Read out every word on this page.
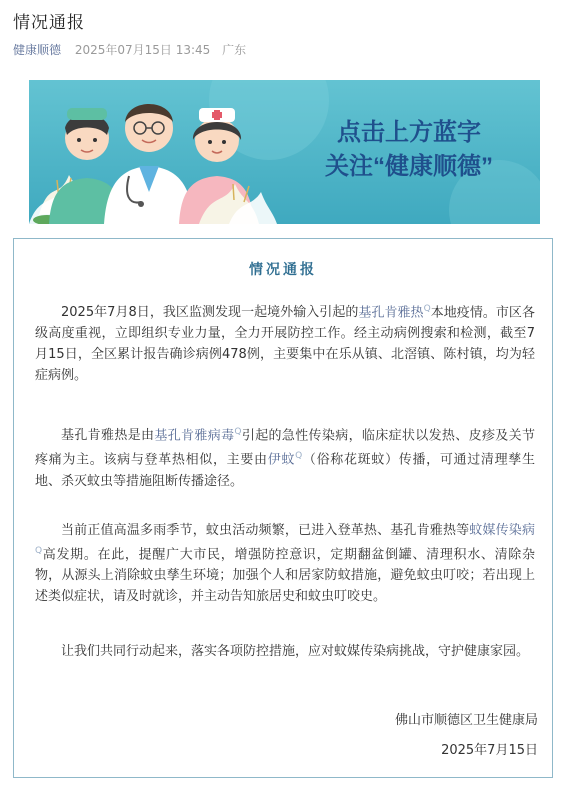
情况通报
健康顺德 2025年07月15日 13:45 广东
点击上方蓝字
关注“健康顺德”
情况通报
2025年7月8日，我区监测发现一起境外输入引起的基孔肯雅热$^Q$本地疫情。市区各级高度重视，立即组织专业力量，全力开展防控工作。经主动病例搜索和检测，截至7月15日，全区累计报告确诊病例478例，主要集中在乐从镇、北滘镇、陈村镇，均为轻症病例。
基孔肯雅热是由基孔肯雅病毒$^Q$引起的急性传染病，临床症状以发热、皮疹及关节疼痛为主。该病与登革热相似，主要由伊蚊$^Q$（俗称花斑蚊）传播，可通过清理孳生地、杀灭蚊虫等措施阻断传播途径。
当前正值高温多雨季节，蚊虫活动频繁，已进入登革热、基孔肯雅热等蚊媒传染病$^Q$高发期。在此，提醒广大市民，增强防控意识，定期翻盆倒罐、清理积水、清除杂物，从源头上消除蚊虫孳生环境；加强个人和居家防蚊措施，避免蚊虫叮咬；若出现上述类似症状，请及时就诊，并主动告知旅居史和蚊虫叮咬史。
让我们共同行动起来，落实各项防控措施，应对蚊媒传染病挑战，守护健康家园。
佛山市顺德区卫生健康局
2025年7月15日
